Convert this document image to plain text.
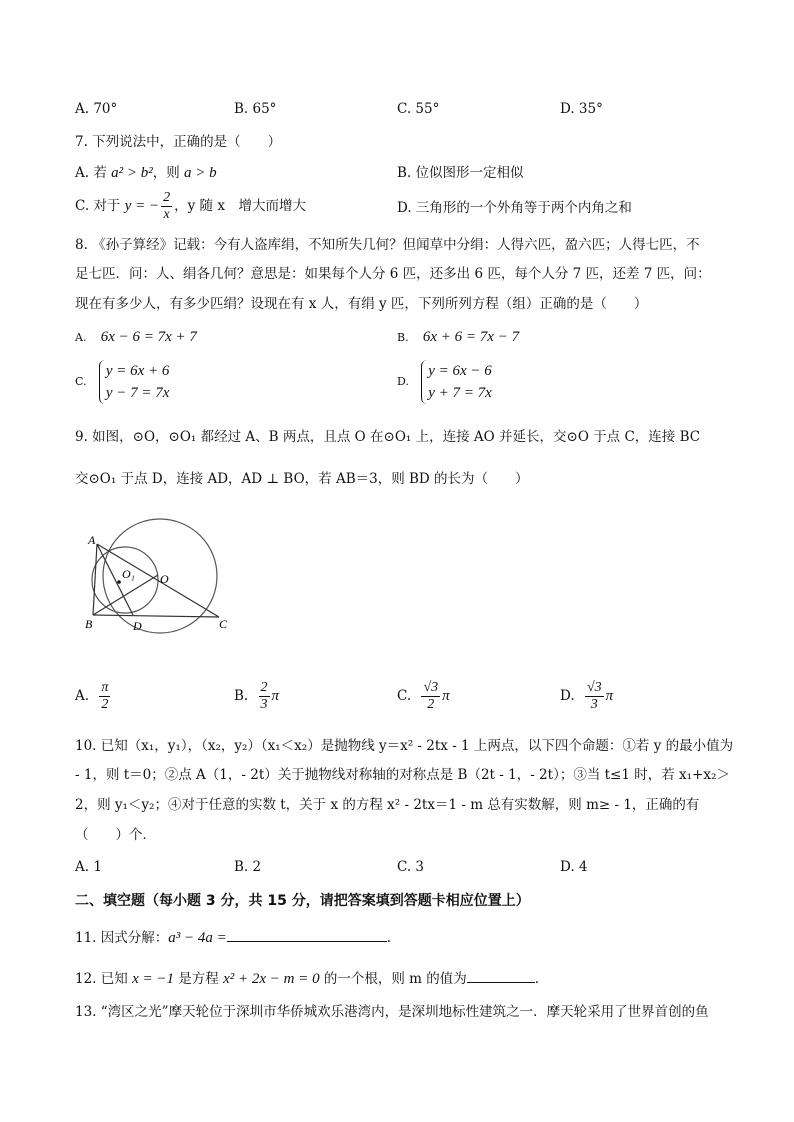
A. 70°	B. 65°	C. 55°	D. 35°
7. 下列说法中，正确的是（　　）
A. 若 a² > b²，则 a > b	B. 位似图形一定相似
C. 对于 y = − $\frac{2}{x}$ ，y 随 x　增大而增大	D. 三角形的一个外角等于两个内角之和
8. 《孙子算经》记载：今有人盗库绢，不知所失几何？但闻草中分绢：人得六匹，盈六匹；人得七匹，不
足七匹．问：人、绢各几何？意思是：如果每个人分 6 匹，还多出 6 匹，每个人分 7 匹，还差 7 匹，问：
现在有多少人，有多少匹绢？设现在有 x 人，有绢 y 匹，下列所列方程（组）正确的是（　　）
A. 6x − 6 = 7x + 7	B. 6x + 6 = 7x − 7
C.
y = 6x + 6
y − 7 = 7x
D.
y = 6x − 6
y + 7 = 7x
9. 如图，⊙O，⊙O₁ 都经过 A、B 两点，且点 O 在⊙O₁ 上，连接 AO 并延长，交⊙O 于点 C，连接 BC
交⊙O₁ 于点 D，连接 AD，AD ⊥ BO，若 AB＝3，则 BD 的长为（　　）
A
B	C
D
O
O₁
A. $\frac{\pi}{2}$	B. $\frac{2}{3}$ π	C. $\frac{√3}{2}$ π	D. $\frac{√3}{3}$ π
10. 已知（x₁，y₁），（x₂，y₂）（x₁＜x₂）是抛物线 y＝x² - 2tx - 1 上两点，以下四个命题：①若 y 的最小值为
- 1，则 t＝0；②点 A（1，- 2t）关于抛物线对称轴的对称点是 B（2t - 1，- 2t）；③当 t≤1 时，若 x₁+x₂＞
2，则 y₁＜y₂；④对于任意的实数 t，关于 x 的方程 x² - 2tx＝1 - m 总有实数解，则 m≥ - 1，正确的有
（　　）个．
A. 1	B. 2	C. 3	D. 4
二、填空题（每小题 3 分，共 15 分，请把答案填到答题卡相应位置上）
11. 因式分解：a³ − 4a =	.
12. 已知 x = −1 是方程 x² + 2x − m = 0 的一个根，则 m 的值为	.
13. “湾区之光”摩天轮位于深圳市华侨城欢乐港湾内，是深圳地标性建筑之一．摩天轮采用了世界首创的鱼
